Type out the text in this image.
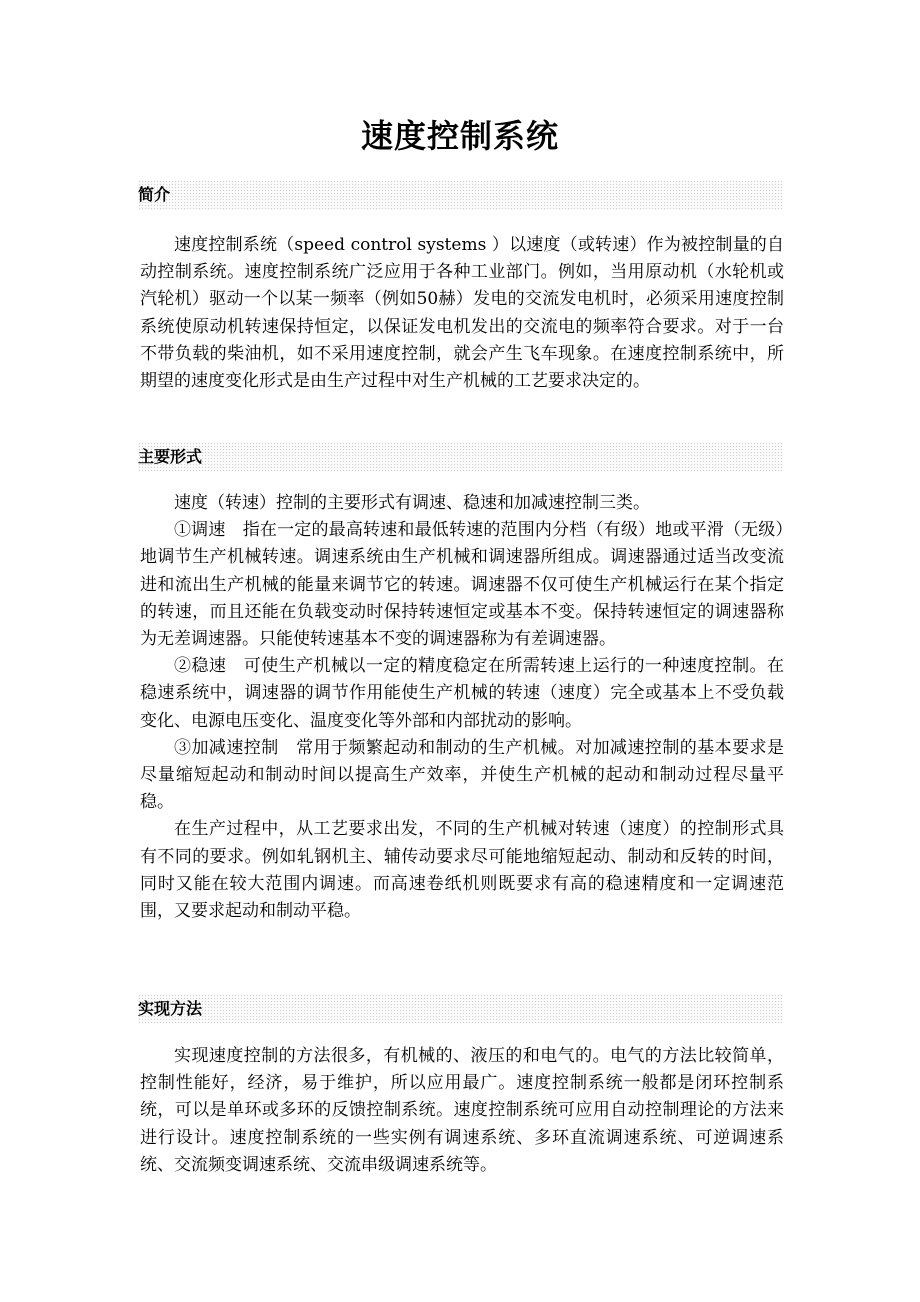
速度控制系统
简介

速度控制系统（speed control systems ）以速度（或转速）作为被控制量的自动控制系统。速度控制系统广泛应用于各种工业部门。例如，当用原动机（水轮机或汽轮机）驱动一个以某一频率（例如50赫）发电的交流发电机时，必须采用速度控制系统使原动机转速保持恒定，以保证发电机发出的交流电的频率符合要求。对于一台不带负载的柴油机，如不采用速度控制，就会产生飞车现象。在速度控制系统中，所期望的速度变化形式是由生产过程中对生产机械的工艺要求决定的。

主要形式

速度（转速）控制的主要形式有调速、稳速和加减速控制三类。

①调速　指在一定的最高转速和最低转速的范围内分档（有级）地或平滑（无级）地调节生产机械转速。调速系统由生产机械和调速器所组成。调速器通过适当改变流进和流出生产机械的能量来调节它的转速。调速器不仅可使生产机械运行在某个指定的转速，而且还能在负载变动时保持转速恒定或基本不变。保持转速恒定的调速器称为无差调速器。只能使转速基本不变的调速器称为有差调速器。

②稳速　可使生产机械以一定的精度稳定在所需转速上运行的一种速度控制。在稳速系统中，调速器的调节作用能使生产机械的转速（速度）完全或基本上不受负载变化、电源电压变化、温度变化等外部和内部扰动的影响。

③加减速控制　常用于频繁起动和制动的生产机械。对加减速控制的基本要求是尽量缩短起动和制动时间以提高生产效率，并使生产机械的起动和制动过程尽量平稳。

在生产过程中，从工艺要求出发，不同的生产机械对转速（速度）的控制形式具有不同的要求。例如轧钢机主、辅传动要求尽可能地缩短起动、制动和反转的时间，同时又能在较大范围内调速。而高速卷纸机则既要求有高的稳速精度和一定调速范围，又要求起动和制动平稳。

实现方法

实现速度控制的方法很多，有机械的、液压的和电气的。电气的方法比较简单，控制性能好，经济，易于维护，所以应用最广。速度控制系统一般都是闭环控制系统，可以是单环或多环的反馈控制系统。速度控制系统可应用自动控制理论的方法来进行设计。速度控制系统的一些实例有调速系统、多环直流调速系统、可逆调速系统、交流频变调速系统、交流串级调速系统等。
